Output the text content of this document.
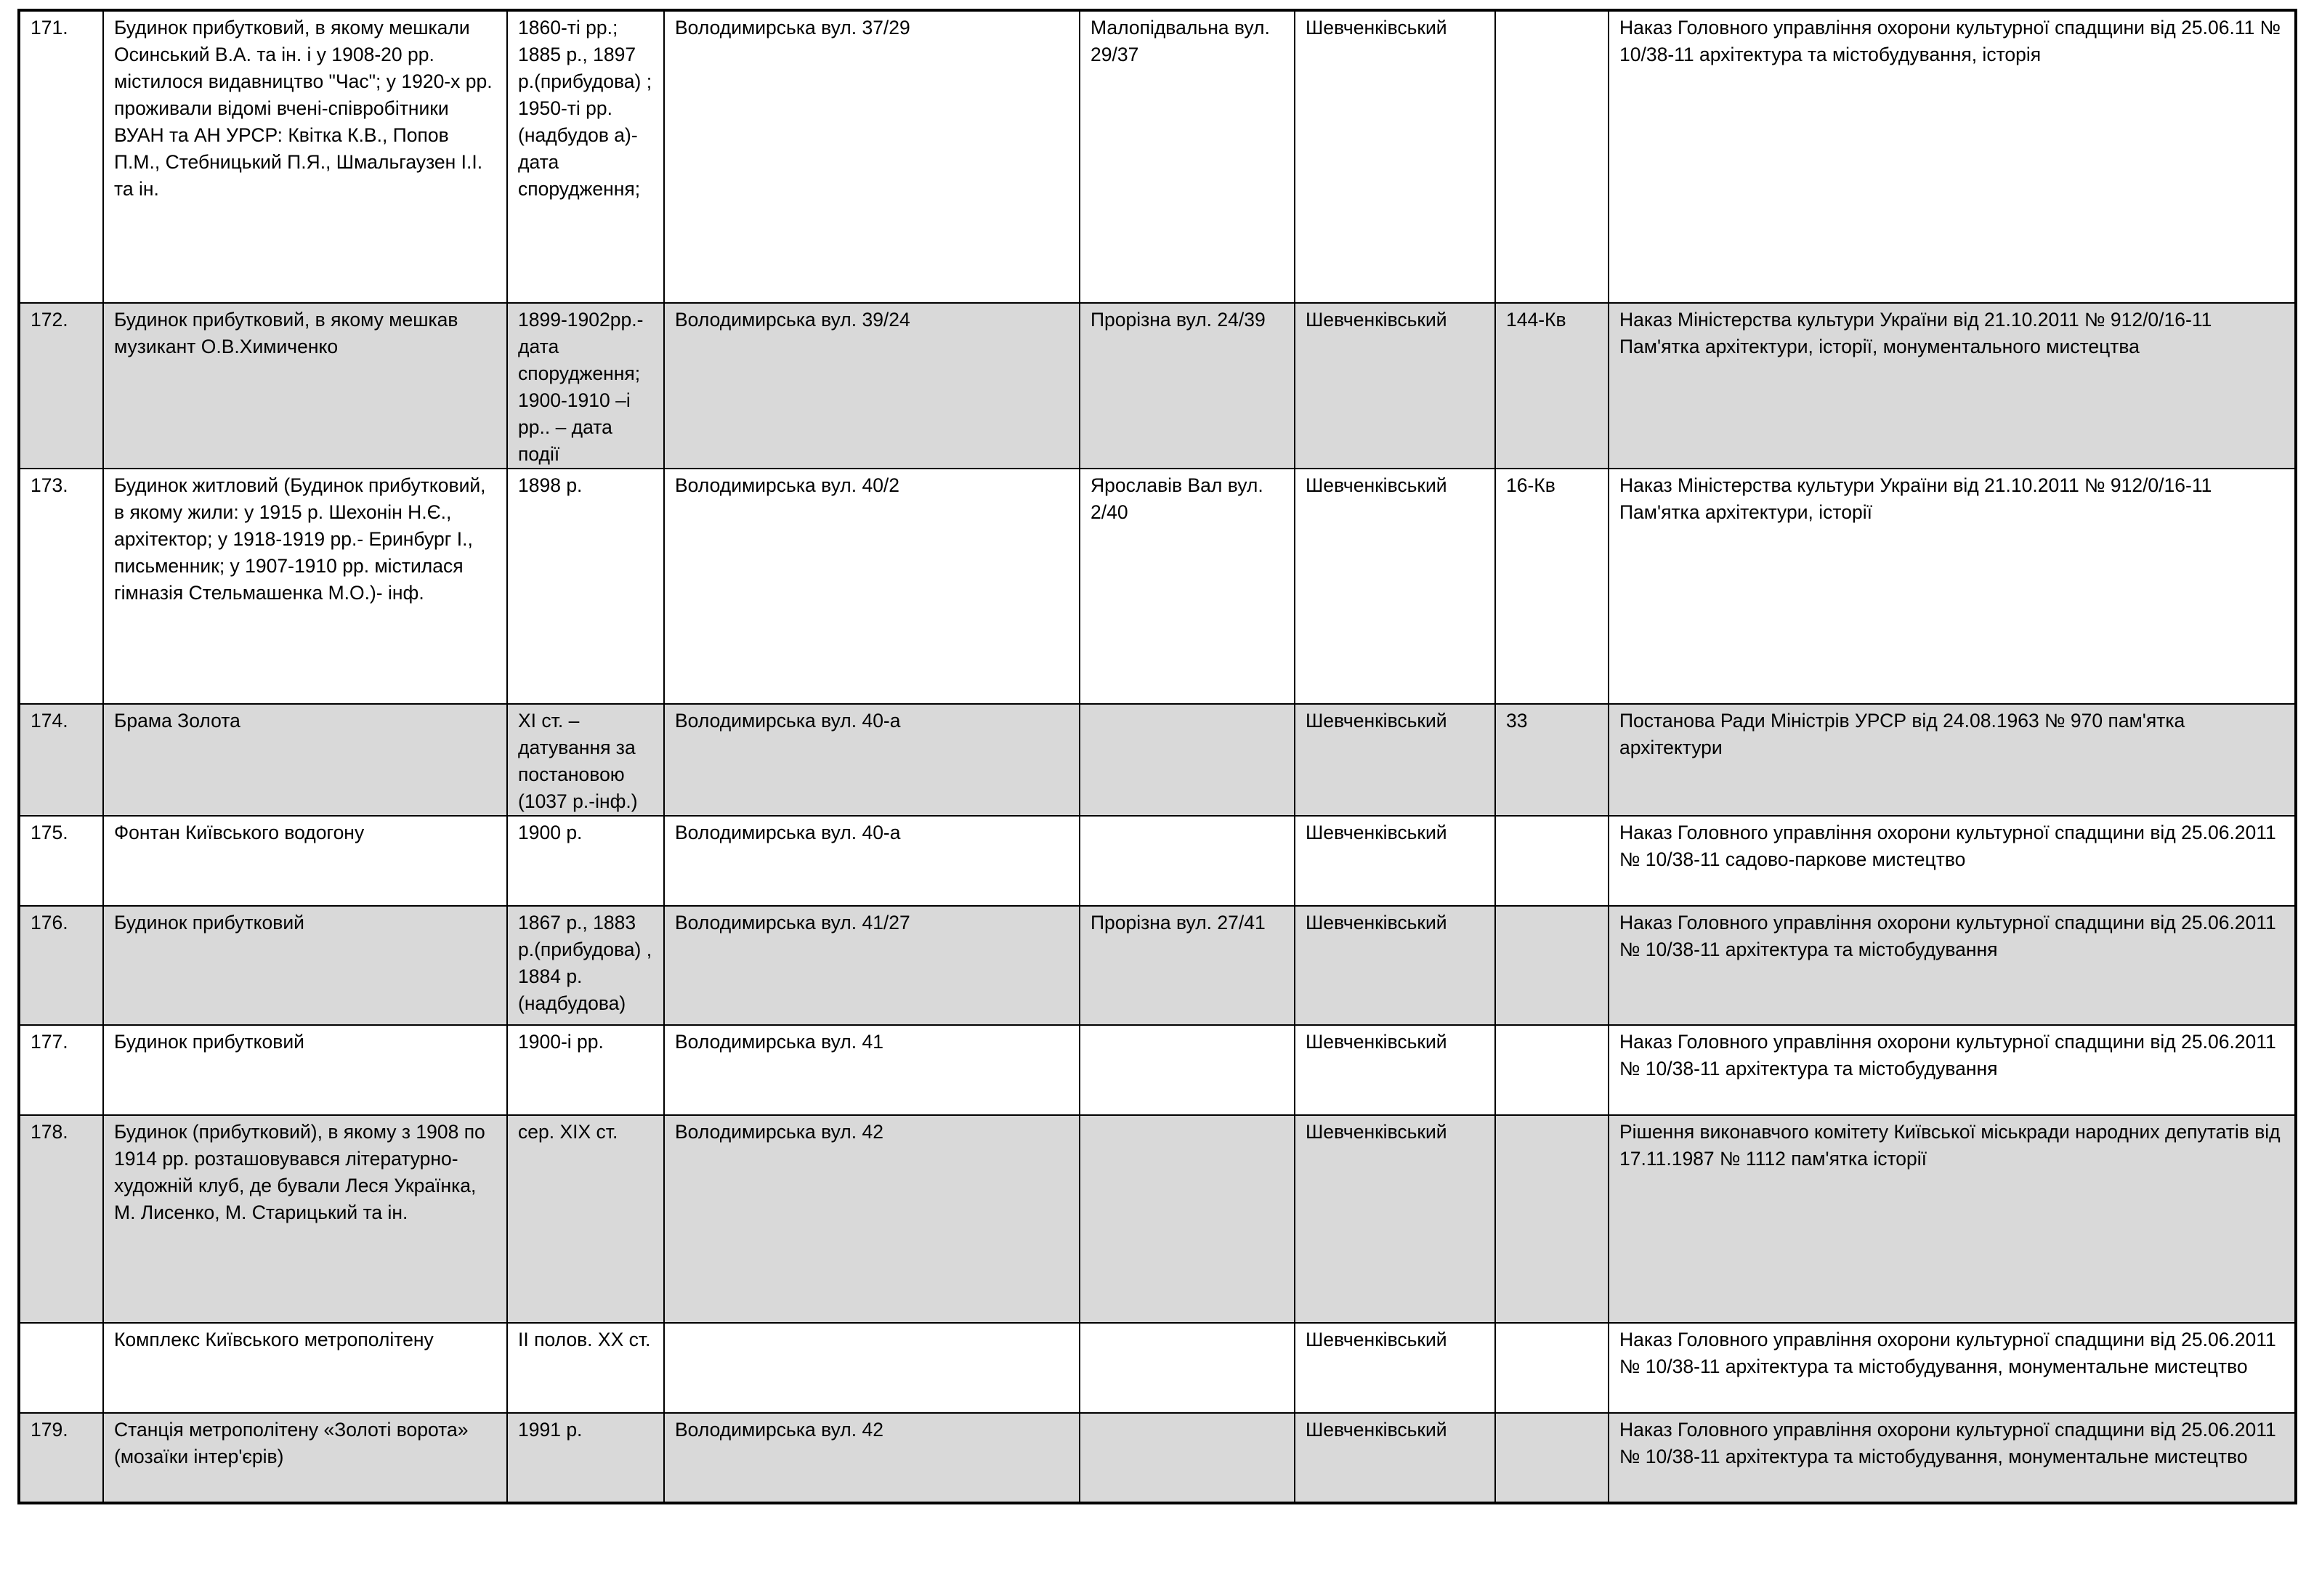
171.	Будинок прибутковий, в якому мешкали Осинський В.А. та ін. і у 1908-20 рр. містилося видавництво "Час"; у 1920-х рр. проживали відомі вчені-співробітники ВУАН та АН УРСР: Квітка К.В., Попов П.М., Стебницький П.Я., Шмальгаузен І.І. та ін.	1860-ті рр.; 1885 р., 1897 р.(прибудова) ; 1950-ті рр.(надбудов а)- дата спорудження;	Володимирська вул. 37/29	Малопідвальна вул. 29/37	Шевченківський		Наказ Головного управління охорони культурної спадщини від 25.06.11 № 10/38-11 архітектура та містобудування, історія
172.	Будинок прибутковий, в якому мешкав музикант О.В.Химиченко	1899-1902рр.- дата спорудження; 1900-1910 –і рр.. – дата події	Володимирська вул. 39/24	Прорізна вул. 24/39	Шевченківський	144-Кв	Наказ Міністерства культури України від 21.10.2011 № 912/0/16-11 Пам'ятка архітектури, історії, монументального мистецтва
173.	Будинок житловий (Будинок прибутковий, в якому жили: у 1915 р. Шехонін Н.Є., архітектор; у 1918-1919 рр.- Еринбург І., письменник; у 1907-1910 рр. містилася гімназія Стельмашенка М.О.)- інф.	1898 р.	Володимирська вул. 40/2	Ярославів Вал вул. 2/40	Шевченківський	16-Кв	Наказ Міністерства культури України від 21.10.2011 № 912/0/16-11 Пам'ятка архітектури, історії
174.	Брама Золота	XI ст. – датування за постановою (1037 р.-інф.)	Володимирська вул. 40-а		Шевченківський	33	Постанова Ради Міністрів УРСР від 24.08.1963 № 970 пам'ятка архітектури
175.	Фонтан Київського водогону	1900 р.	Володимирська вул. 40-а		Шевченківський		Наказ Головного управління охорони культурної спадщини від 25.06.2011 № 10/38-11 садово-паркове мистецтво
176.	Будинок прибутковий	1867 р., 1883 р.(прибудова) , 1884 р.(надбудова)	Володимирська вул. 41/27	Прорізна вул. 27/41	Шевченківський		Наказ Головного управління охорони культурної спадщини від 25.06.2011 № 10/38-11 архітектура та містобудування
177.	Будинок прибутковий	1900-і рр.	Володимирська вул. 41		Шевченківський		Наказ Головного управління охорони культурної спадщини від 25.06.2011 № 10/38-11 архітектура та містобудування
178.	Будинок (прибутковий), в якому з 1908 по 1914 рр. розташовувався літературно- художній клуб, де бували Леся Українка, М. Лисенко, М. Старицький та ін.	сер. ХІХ ст.	Володимирська вул. 42		Шевченківський		Рішення виконавчого комітету Київської міськради народних депутатів від 17.11.1987 № 1112 пам'ятка історії
	Комплекс Київського метрополітену	II полов. ХХ ст.			Шевченківський		Наказ Головного управління охорони культурної спадщини від 25.06.2011 № 10/38-11 архітектура та містобудування, монументальне мистецтво
179.	Станція метрополітену «Золоті ворота» (мозаїки інтер'єрів)	1991 р.	Володимирська вул. 42		Шевченківський		Наказ Головного управління охорони культурної спадщини від 25.06.2011 № 10/38-11 архітектура та містобудування, монументальне мистецтво
